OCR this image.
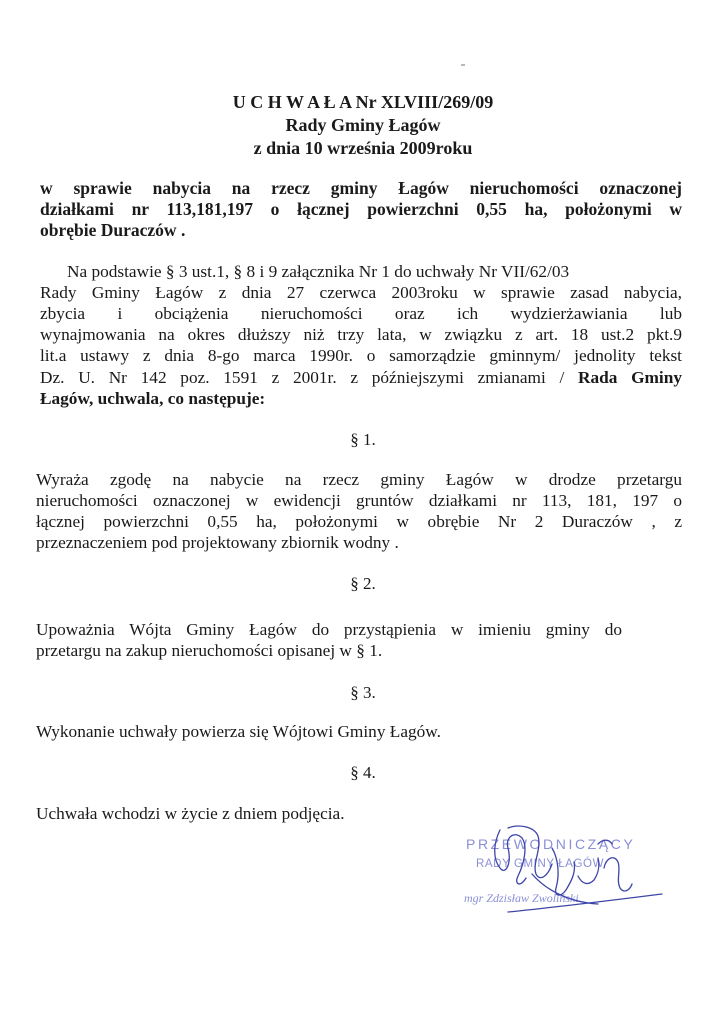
U C H W A Ł A Nr XLVIII/269/09
Rady Gminy Łagów
z dnia 10 września 2009roku
w sprawie nabycia na rzecz gminy Łagów nieruchomości oznaczonej
działkami nr 113,181,197 o łącznej powierzchni 0,55 ha, położonymi w
obrębie Duraczów .
Na podstawie § 3 ust.1, § 8 i 9 załącznika Nr 1 do uchwały Nr VII/62/03
Rady Gminy Łagów z dnia 27 czerwca 2003roku w sprawie zasad nabycia,
zbycia i obciążenia nieruchomości oraz ich wydzierżawiania lub
wynajmowania na okres dłuższy niż trzy lata, w związku z art. 18 ust.2 pkt.9
lit.a ustawy z dnia 8-go marca 1990r. o samorządzie gminnym/ jednolity tekst
Dz. U. Nr 142 poz. 1591 z 2001r. z późniejszymi zmianami / Rada Gminy
Łagów, uchwala, co następuje:
§ 1.
Wyraża zgodę na nabycie na rzecz gminy Łagów w drodze przetargu
nieruchomości oznaczonej w ewidencji gruntów działkami nr 113, 181, 197 o
łącznej powierzchni 0,55 ha, położonymi w obrębie Nr 2 Duraczów , z
przeznaczeniem pod projektowany zbiornik wodny .
§ 2.
Upoważnia Wójta Gminy Łagów do przystąpienia w imieniu gminy do
przetargu na zakup nieruchomości opisanej w § 1.
§ 3.
Wykonanie uchwały powierza się Wójtowi Gminy Łagów.
§ 4.
Uchwała wchodzi w życie z dniem podjęcia.
PRZEWODNICZĄCY
RADY GMINY ŁAGÓW
mgr Zdzisław Zwoliński
